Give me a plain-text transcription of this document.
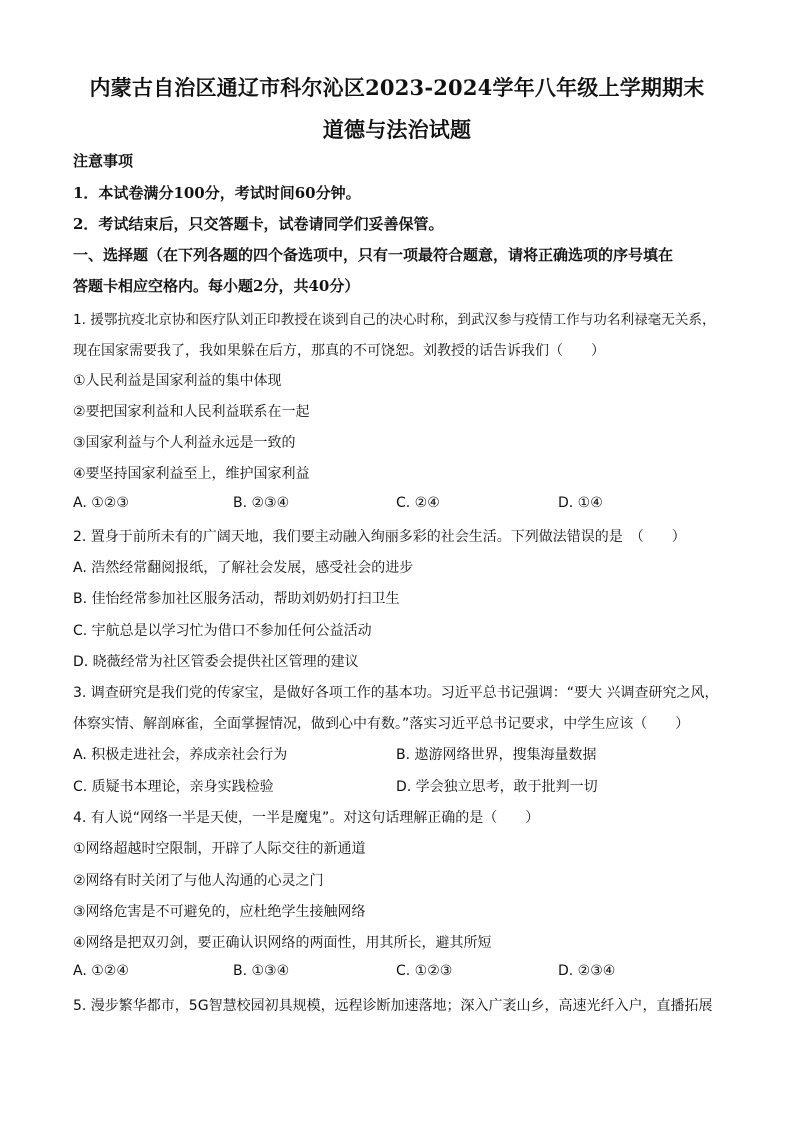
内蒙古自治区通辽市科尔沁区2023-2024学年八年级上学期期末
道德与法治试题
注意事项
1．本试卷满分100分，考试时间60分钟。
2．考试结束后，只交答题卡，试卷请同学们妥善保管。
一、选择题（在下列各题的四个备选项中，只有一项最符合题意，请将正确选项的序号填在
答题卡相应空格内。每小题2分，共40分）
1. 援鄂抗疫北京协和医疗队刘正印教授在谈到自己的决心时称，到武汉参与疫情工作与功名利禄毫无关系，
现在国家需要我了，我如果躲在后方，那真的不可饶恕。刘教授的话告诉我们（　　）
①人民利益是国家利益的集中体现
②要把国家利益和人民利益联系在一起
③国家利益与个人利益永远是一致的
④要坚持国家利益至上，维护国家利益
A. ①②③	B. ②③④	C. ②④	D. ①④
2. 置身于前所未有的广阔天地，我们要主动融入绚丽多彩的社会生活。下列做法错误的是　（　　）
A. 浩然经常翻阅报纸，了解社会发展，感受社会的进步
B. 佳怡经常参加社区服务活动，帮助刘奶奶打扫卫生
C. 宇航总是以学习忙为借口不参加任何公益活动
D. 晓薇经常为社区管委会提供社区管理的建议
3. 调查研究是我们党的传家宝，是做好各项工作的基本功。习近平总书记强调：“要大 兴调查研究之风，
体察实情、解剖麻雀，全面掌握情况，做到心中有数。”落实习近平总书记要求，中学生应该（　　）
A. 积极走进社会，养成亲社会行为	B. 遨游网络世界，搜集海量数据
C. 质疑书本理论，亲身实践检验	D. 学会独立思考，敢于批判一切
4. 有人说“网络一半是天使，一半是魔鬼”。对这句话理解正确的是（　　）
①网络超越时空限制，开辟了人际交往的新通道
②网络有时关闭了与他人沟通的心灵之门
③网络危害是不可避免的，应杜绝学生接触网络
④网络是把双刃剑，要正确认识网络的两面性，用其所长，避其所短
A. ①②④	B. ①③④	C. ①②③	D. ②③④
5. 漫步繁华都市，5G智慧校园初具规模，远程诊断加速落地；深入广袤山乡，高速光纤入户，直播拓展
